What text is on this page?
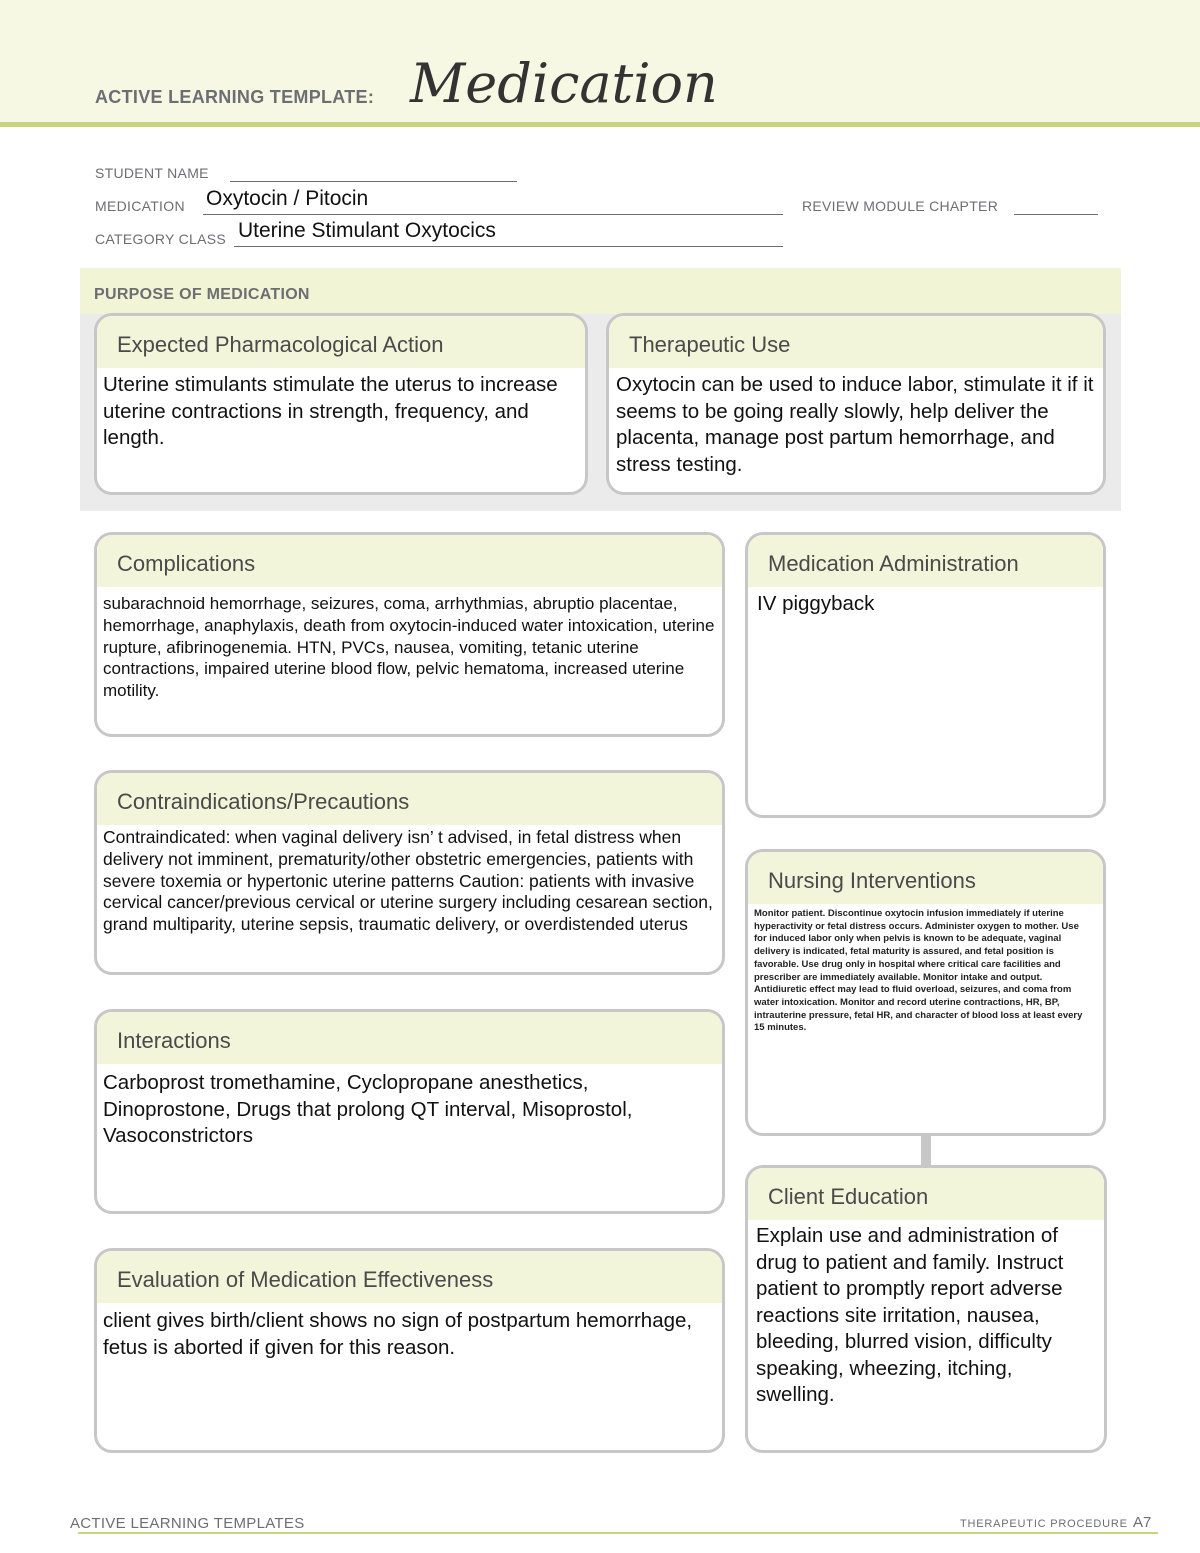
ACTIVE LEARNING TEMPLATE: Medication
STUDENT NAME
MEDICATION Oxytocin / Pitocin	REVIEW MODULE CHAPTER
CATEGORY CLASS Uterine Stimulant Oxytocics
PURPOSE OF MEDICATION
Expected Pharmacological Action
Uterine stimulants stimulate the uterus to increase uterine contractions in strength, frequency, and length.
Therapeutic Use
Oxytocin can be used to induce labor, stimulate it if it seems to be going really slowly, help deliver the placenta, manage post partum hemorrhage, and stress testing.
Complications
subarachnoid hemorrhage, seizures, coma, arrhythmias, abruptio placentae, hemorrhage, anaphylaxis, death from oxytocin-induced water intoxication, uterine rupture, afibrinogenemia. HTN, PVCs, nausea, vomiting, tetanic uterine contractions, impaired uterine blood flow, pelvic hematoma, increased uterine motility.
Contraindications/Precautions
Contraindicated: when vaginal delivery isn’ t advised, in fetal distress when delivery not imminent, prematurity/other obstetric emergencies, patients with severe toxemia or hypertonic uterine patterns Caution: patients with invasive cervical cancer/previous cervical or uterine surgery including cesarean section, grand multiparity, uterine sepsis, traumatic delivery, or overdistended uterus
Interactions
Carboprost tromethamine, Cyclopropane anesthetics, Dinoprostone, Drugs that prolong QT interval, Misoprostol, Vasoconstrictors
Evaluation of Medication Effectiveness
client gives birth/client shows no sign of postpartum hemorrhage, fetus is aborted if given for this reason.
Medication Administration
IV piggyback
Nursing Interventions
Monitor patient. Discontinue oxytocin infusion immediately if uterine hyperactivity or fetal distress occurs. Administer oxygen to mother. Use for induced labor only when pelvis is known to be adequate, vaginal delivery is indicated, fetal maturity is assured, and fetal position is favorable. Use drug only in hospital where critical care facilities and prescriber are immediately available. Monitor intake and output. Antidiuretic effect may lead to fluid overload, seizures, and coma from water intoxication. Monitor and record uterine contractions, HR, BP, intrauterine pressure, fetal HR, and character of blood loss at least every 15 minutes.
Client Education
Explain use and administration of drug to patient and family. Instruct patient to promptly report adverse reactions site irritation, nausea, bleeding, blurred vision, difficulty speaking, wheezing, itching, swelling.
ACTIVE LEARNING TEMPLATES	THERAPEUTIC PROCEDURE A7
